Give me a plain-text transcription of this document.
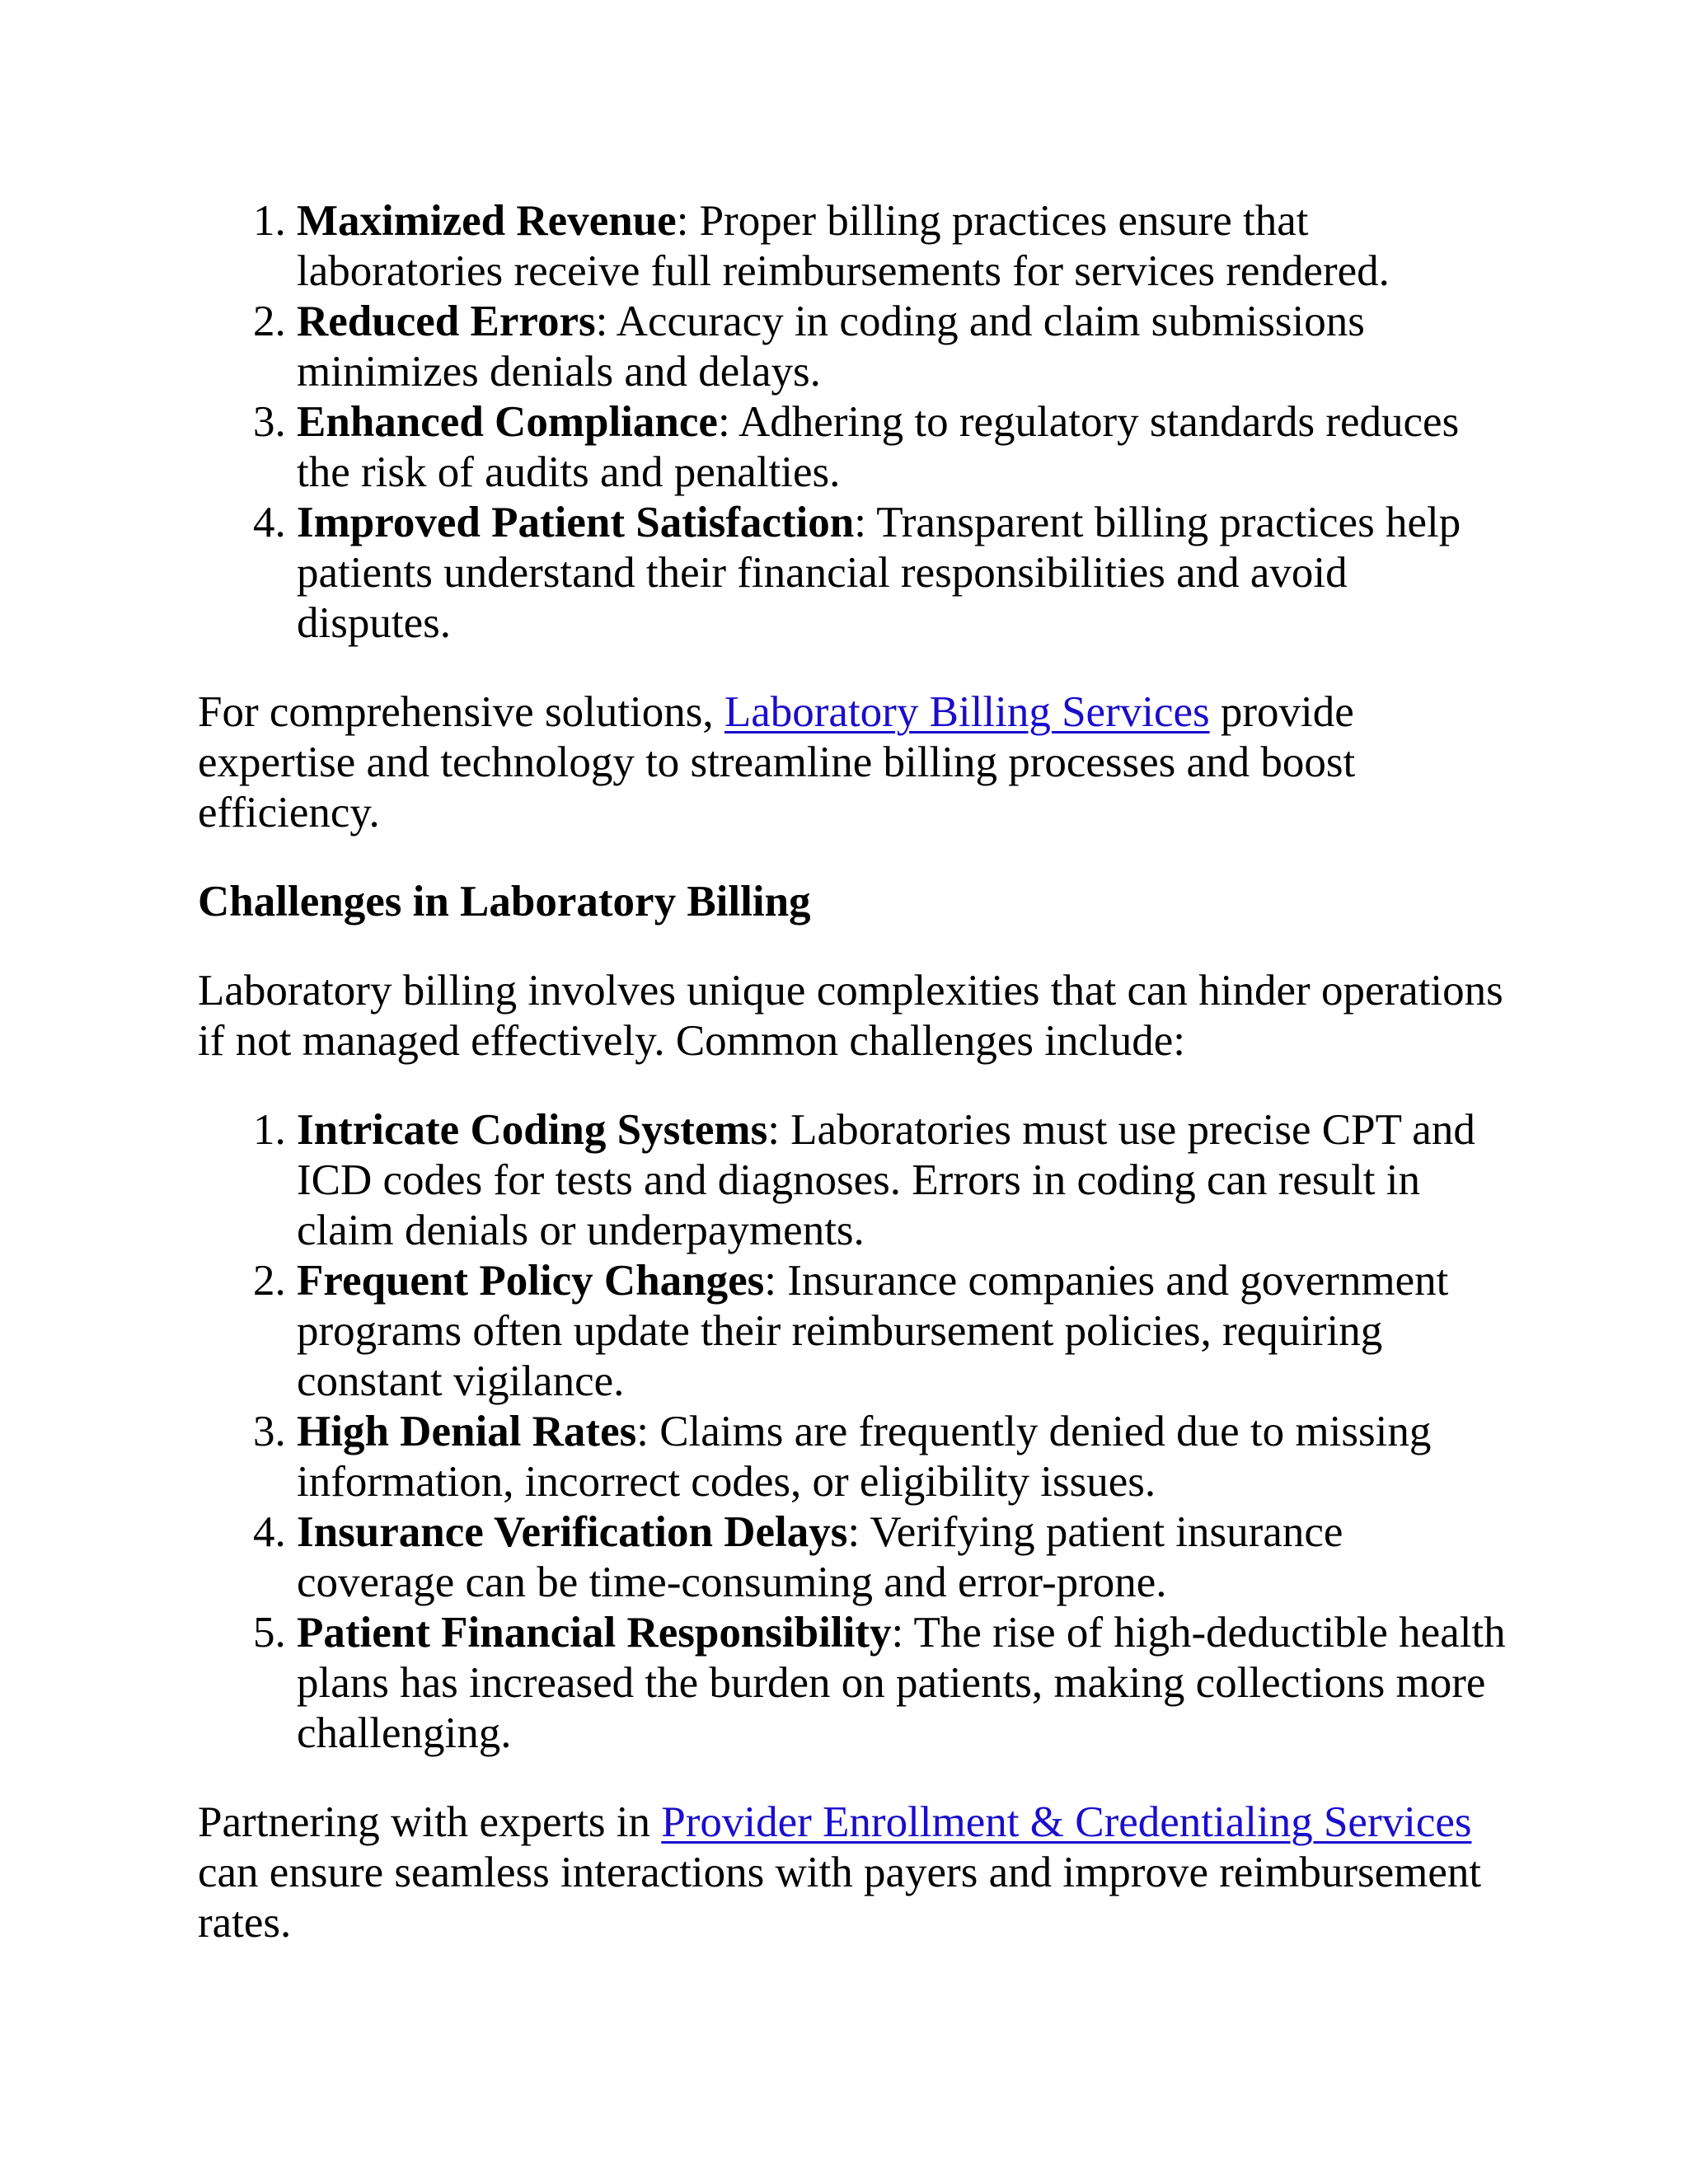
1. Maximized Revenue: Proper billing practices ensure that laboratories receive full reimbursements for services rendered.
2. Reduced Errors: Accuracy in coding and claim submissions minimizes denials and delays.
3. Enhanced Compliance: Adhering to regulatory standards reduces the risk of audits and penalties.
4. Improved Patient Satisfaction: Transparent billing practices help patients understand their financial responsibilities and avoid disputes.

For comprehensive solutions, Laboratory Billing Services provide expertise and technology to streamline billing processes and boost efficiency.

Challenges in Laboratory Billing

Laboratory billing involves unique complexities that can hinder operations if not managed effectively. Common challenges include:

1. Intricate Coding Systems: Laboratories must use precise CPT and ICD codes for tests and diagnoses. Errors in coding can result in claim denials or underpayments.
2. Frequent Policy Changes: Insurance companies and government programs often update their reimbursement policies, requiring constant vigilance.
3. High Denial Rates: Claims are frequently denied due to missing information, incorrect codes, or eligibility issues.
4. Insurance Verification Delays: Verifying patient insurance coverage can be time-consuming and error-prone.
5. Patient Financial Responsibility: The rise of high-deductible health plans has increased the burden on patients, making collections more challenging.

Partnering with experts in Provider Enrollment & Credentialing Services can ensure seamless interactions with payers and improve reimbursement rates.
